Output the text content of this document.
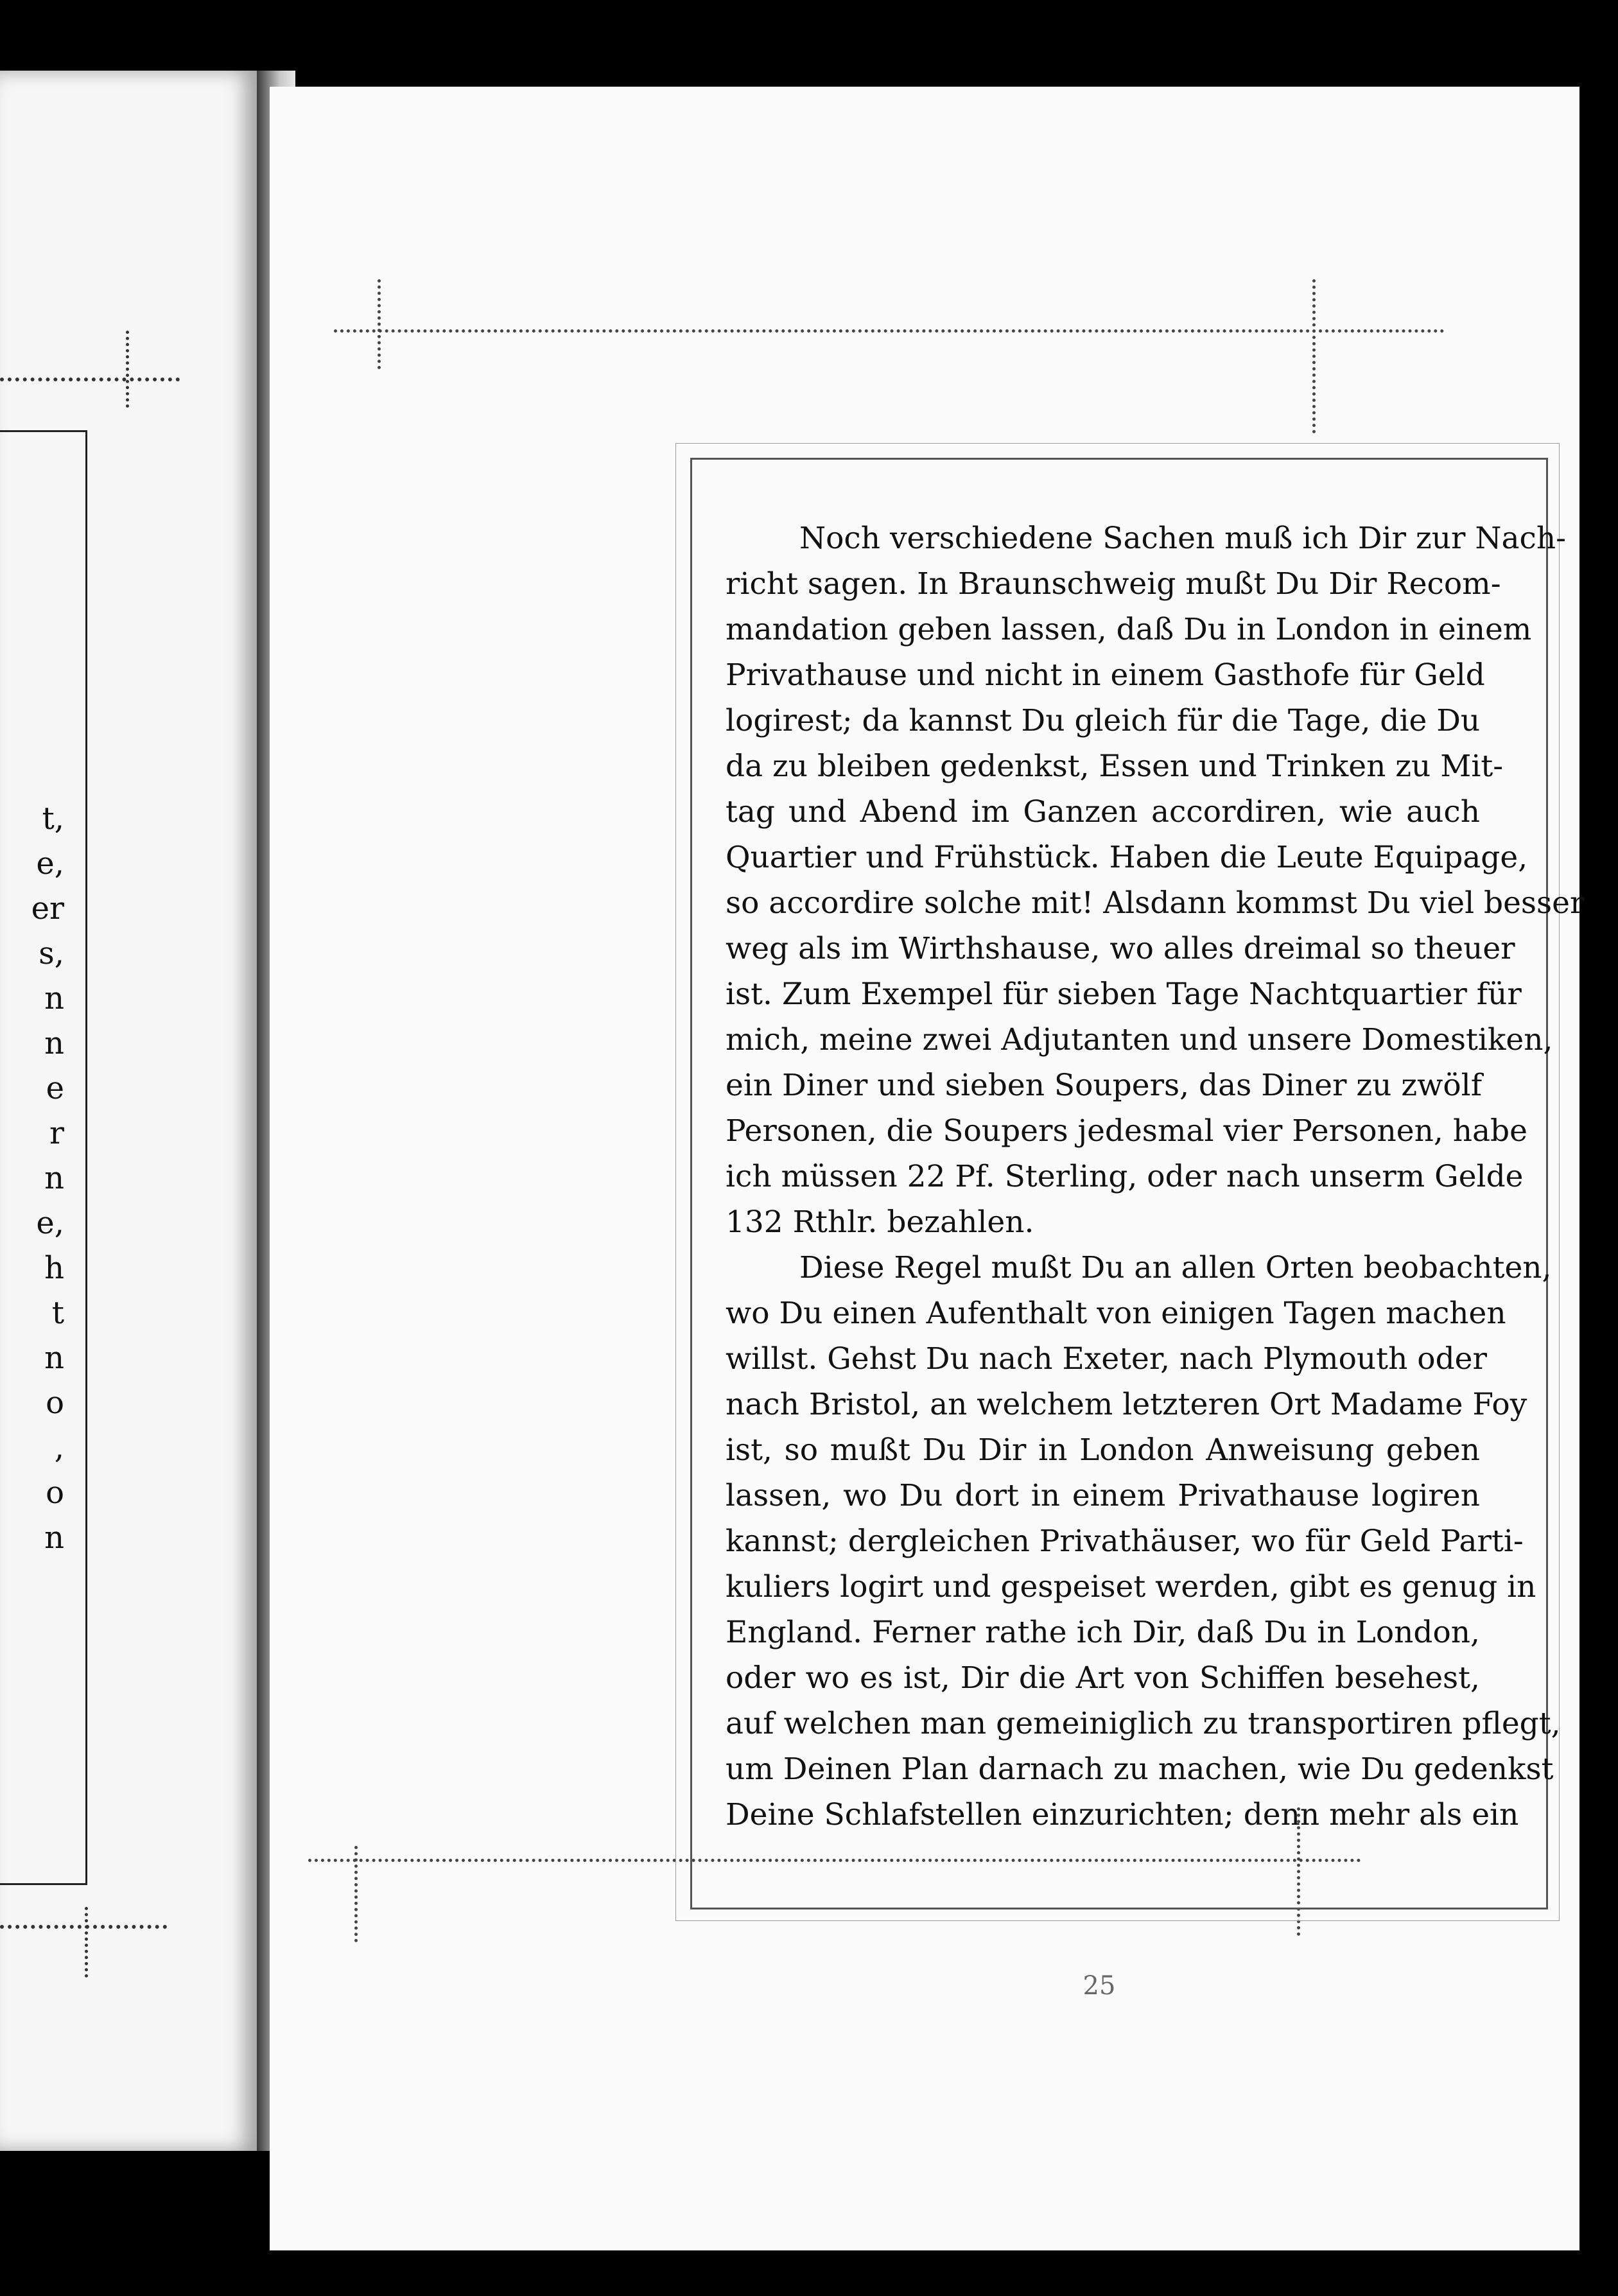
t,
e,
er
s,
n
n
e
r
n
e,
h
t
n
o
,
o
n

Noch verschiedene Sachen muß ich Dir zur Nach-
richt sagen. In Braunschweig mußt Du Dir Recom-
mandation geben lassen, daß Du in London in einem
Privathause und nicht in einem Gasthofe für Geld
logirest; da kannst Du gleich für die Tage, die Du
da zu bleiben gedenkst, Essen und Trinken zu Mit-
tag und Abend im Ganzen accordiren, wie auch
Quartier und Frühstück. Haben die Leute Equipage,
so accordire solche mit! Alsdann kommst Du viel besser
weg als im Wirthshause, wo alles dreimal so theuer
ist. Zum Exempel für sieben Tage Nachtquartier für
mich, meine zwei Adjutanten und unsere Domestiken,
ein Diner und sieben Soupers, das Diner zu zwölf
Personen, die Soupers jedesmal vier Personen, habe
ich müssen 22 Pf. Sterling, oder nach unserm Gelde
132 Rthlr. bezahlen.
Diese Regel mußt Du an allen Orten beobachten,
wo Du einen Aufenthalt von einigen Tagen machen
willst. Gehst Du nach Exeter, nach Plymouth oder
nach Bristol, an welchem letzteren Ort Madame Foy
ist, so mußt Du Dir in London Anweisung geben
lassen, wo Du dort in einem Privathause logiren
kannst; dergleichen Privathäuser, wo für Geld Parti-
kuliers logirt und gespeiset werden, gibt es genug in
England. Ferner rathe ich Dir, daß Du in London,
oder wo es ist, Dir die Art von Schiffen besehest,
auf welchen man gemeiniglich zu transportiren pflegt,
um Deinen Plan darnach zu machen, wie Du gedenkst
Deine Schlafstellen einzurichten; denn mehr als ein
25
